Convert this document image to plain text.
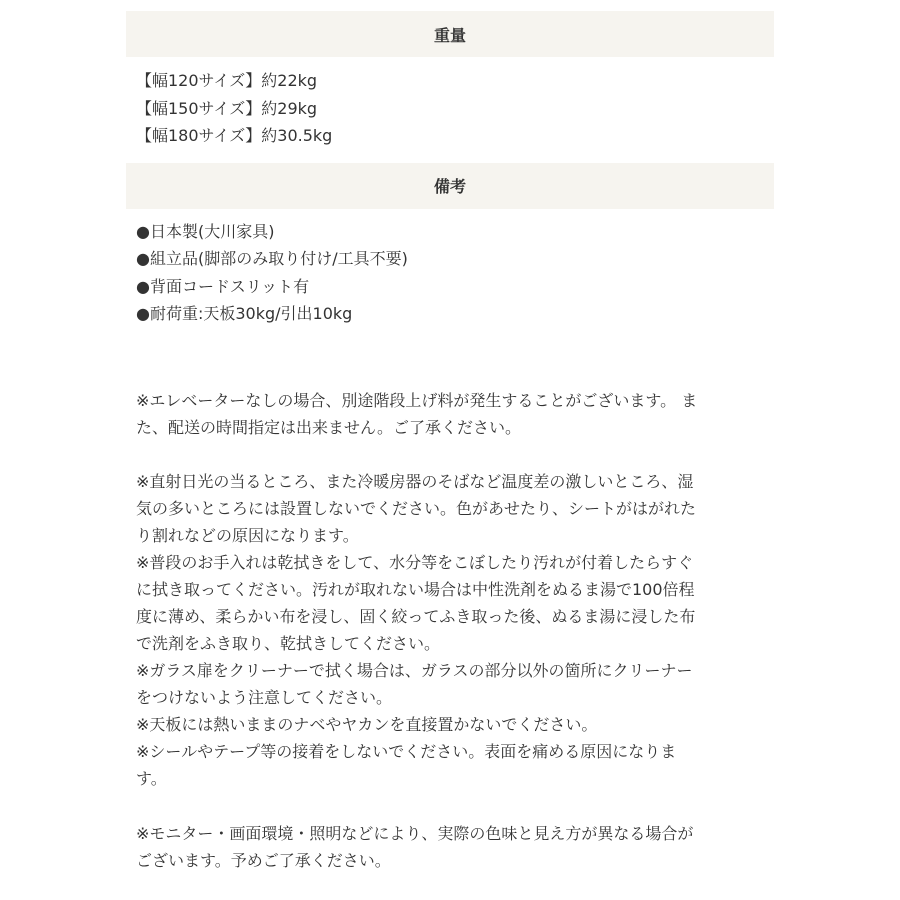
重量
【幅120サイズ】約22kg
【幅150サイズ】約29kg
【幅180サイズ】約30.5kg
備考
●日本製(大川家具)
●組立品(脚部のみ取り付け/工具不要)
●背面コードスリット有
●耐荷重:天板30kg/引出10kg

※エレベーターなしの場合、別途階段上げ料が発生することがございます。 ま
た、配送の時間指定は出来ません。ご了承ください。

※直射日光の当るところ、また冷暖房器のそばなど温度差の激しいところ、湿
気の多いところには設置しないでください。色があせたり、シートがはがれた
り割れなどの原因になります。

※普段のお手入れは乾拭きをして、水分等をこぼしたり汚れが付着したらすぐ
に拭き取ってください。汚れが取れない場合は中性洗剤をぬるま湯で100倍程
度に薄め、柔らかい布を浸し、固く絞ってふき取った後、ぬるま湯に浸した布
で洗剤をふき取り、乾拭きしてください。

※ガラス扉をクリーナーで拭く場合は、ガラスの部分以外の箇所にクリーナー
をつけないよう注意してください。

※天板には熱いままのナベやヤカンを直接置かないでください。

※シールやテープ等の接着をしないでください。表面を痛める原因になりま
す。

※モニター・画面環境・照明などにより、実際の色味と見え方が異なる場合が
ございます。予めご了承ください。
